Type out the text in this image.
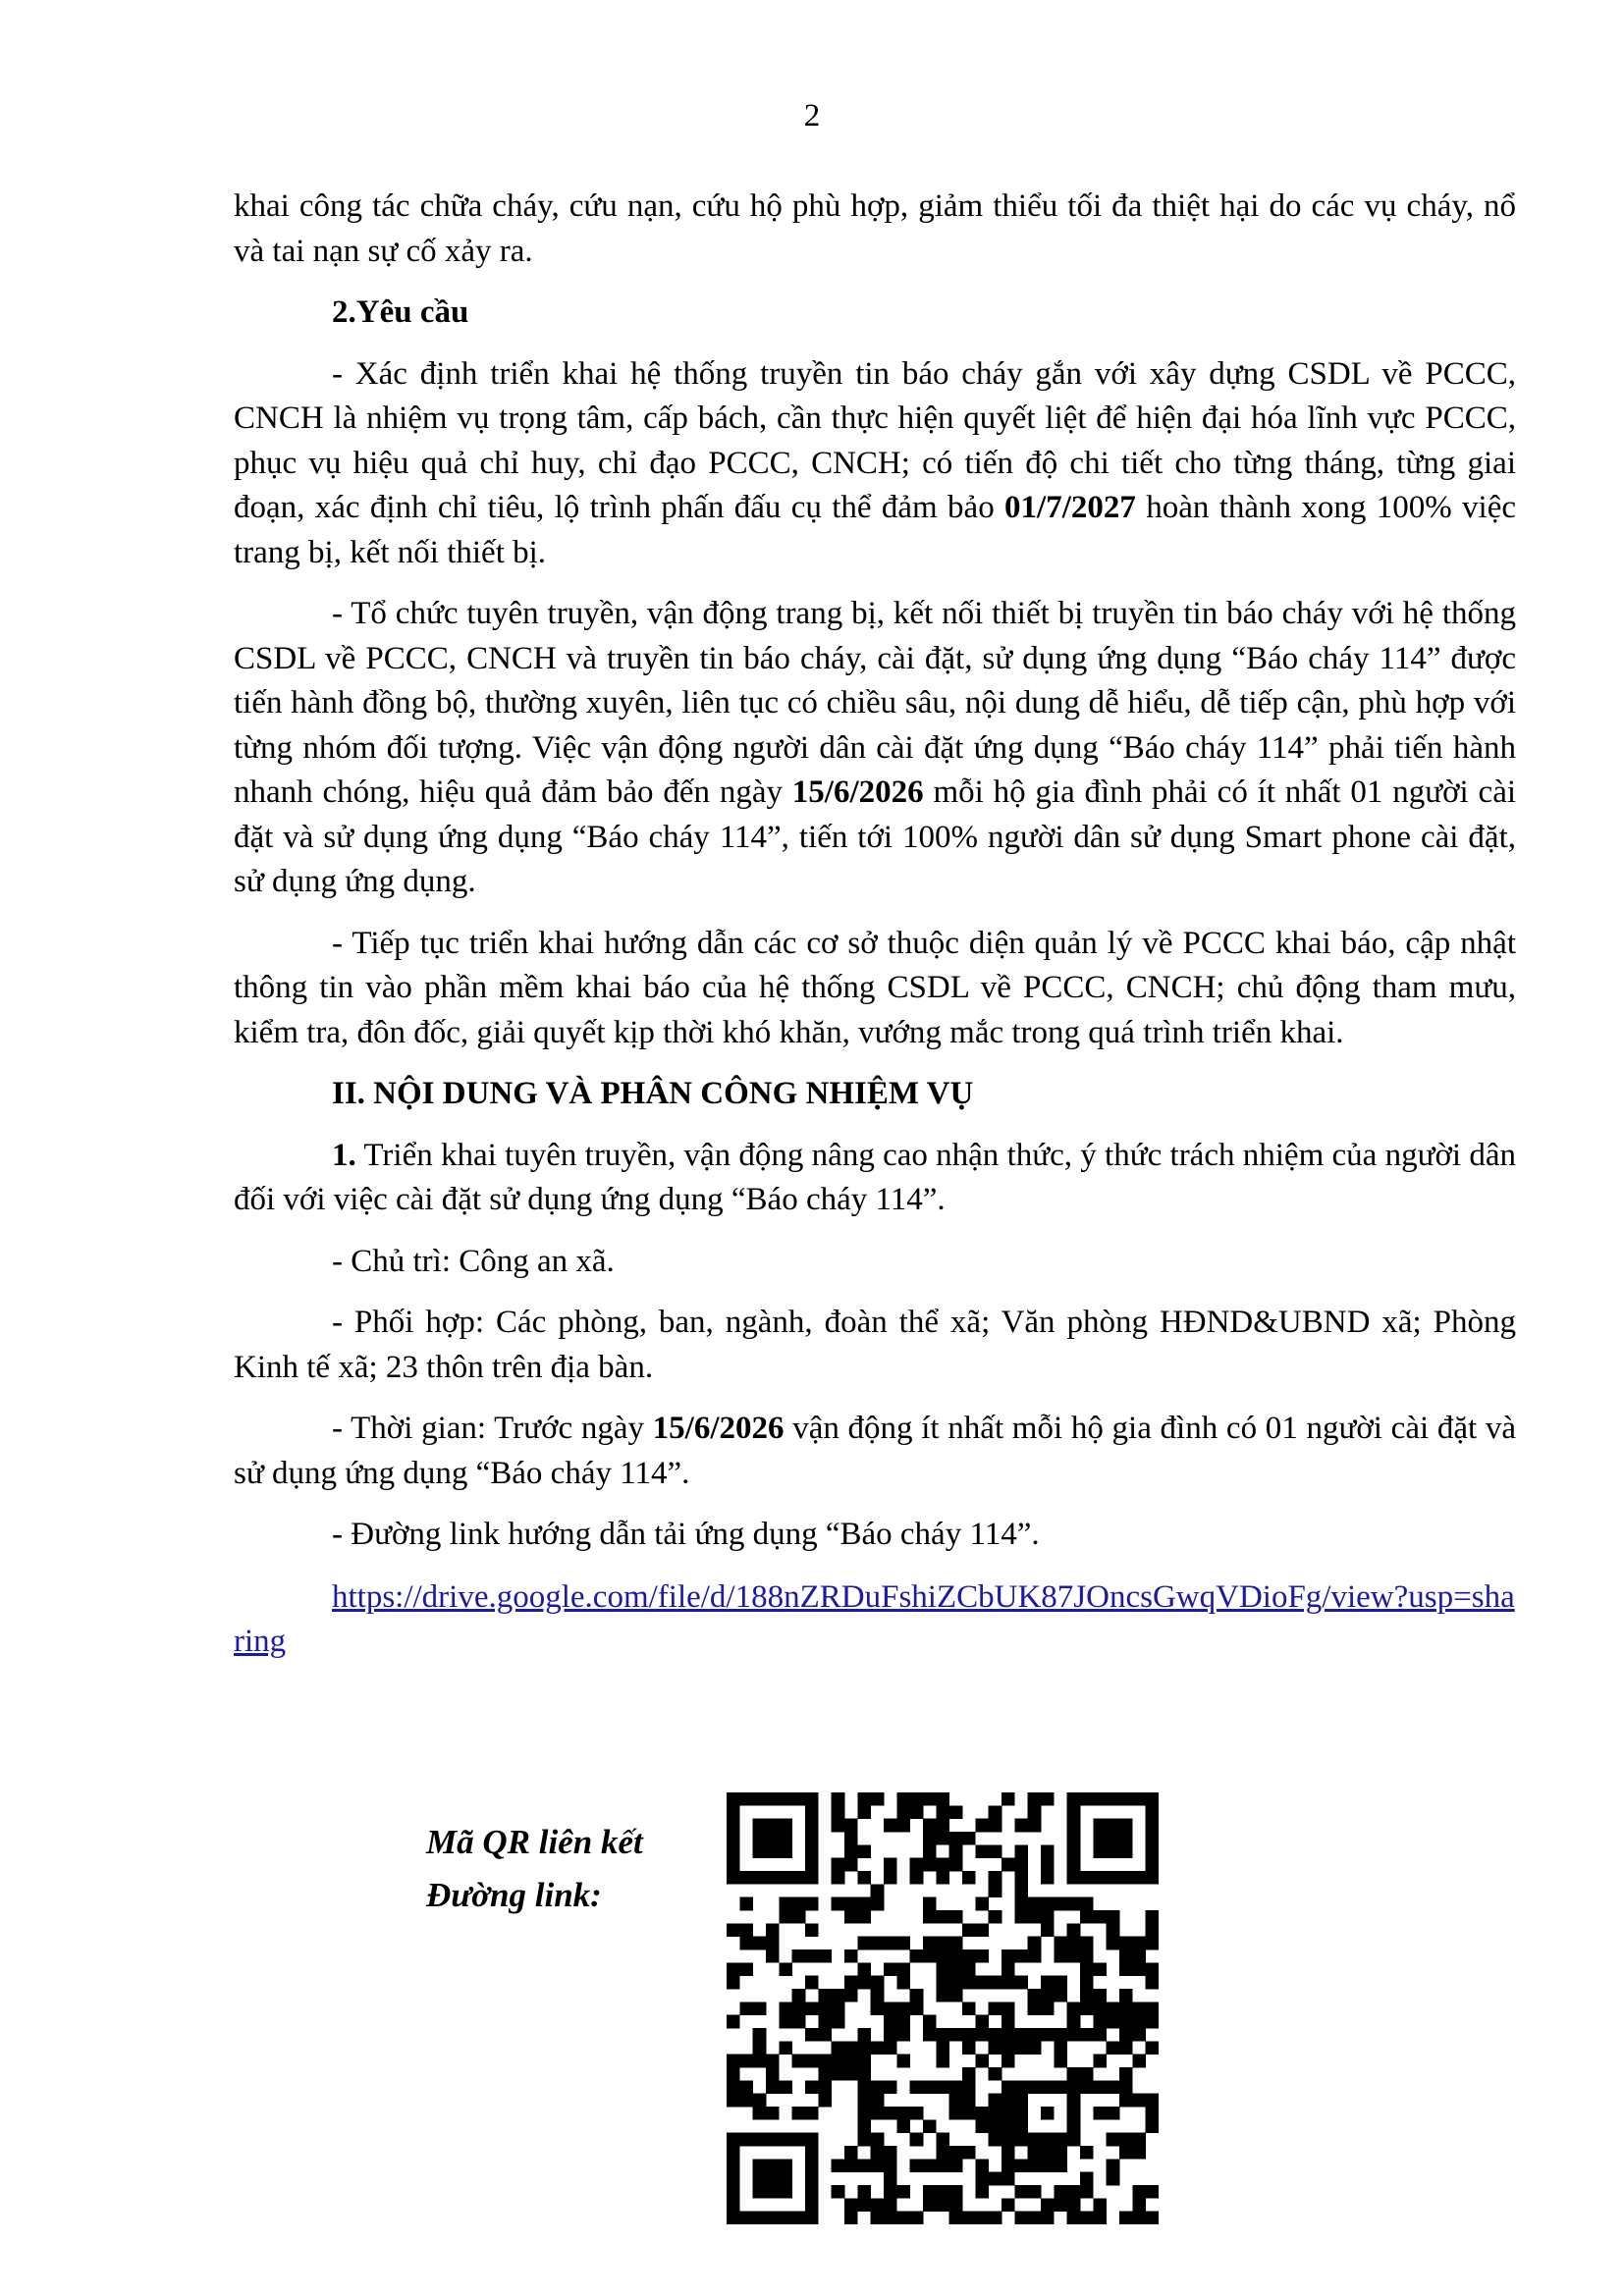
2

khai công tác chữa cháy, cứu nạn, cứu hộ phù hợp, giảm thiểu tối đa thiệt hại do các vụ cháy, nổ và tai nạn sự cố xảy ra.

2.Yêu cầu

- Xác định triển khai hệ thống truyền tin báo cháy gắn với xây dựng CSDL về PCCC, CNCH là nhiệm vụ trọng tâm, cấp bách, cần thực hiện quyết liệt để hiện đại hóa lĩnh vực PCCC, phục vụ hiệu quả chỉ huy, chỉ đạo PCCC, CNCH; có tiến độ chi tiết cho từng tháng, từng giai đoạn, xác định chỉ tiêu, lộ trình phấn đấu cụ thể đảm bảo 01/7/2027 hoàn thành xong 100% việc trang bị, kết nối thiết bị.

- Tổ chức tuyên truyền, vận động trang bị, kết nối thiết bị truyền tin báo cháy với hệ thống CSDL về PCCC, CNCH và truyền tin báo cháy, cài đặt, sử dụng ứng dụng “Báo cháy 114” được tiến hành đồng bộ, thường xuyên, liên tục có chiều sâu, nội dung dễ hiểu, dễ tiếp cận, phù hợp với từng nhóm đối tượng. Việc vận động người dân cài đặt ứng dụng “Báo cháy 114” phải tiến hành nhanh chóng, hiệu quả đảm bảo đến ngày 15/6/2026 mỗi hộ gia đình phải có ít nhất 01 người cài đặt và sử dụng ứng dụng “Báo cháy 114”, tiến tới 100% người dân sử dụng Smart phone cài đặt, sử dụng ứng dụng.

- Tiếp tục triển khai hướng dẫn các cơ sở thuộc diện quản lý về PCCC khai báo, cập nhật thông tin vào phần mềm khai báo của hệ thống CSDL về PCCC, CNCH; chủ động tham mưu, kiểm tra, đôn đốc, giải quyết kịp thời khó khăn, vướng mắc trong quá trình triển khai.

II. NỘI DUNG VÀ PHÂN CÔNG NHIỆM VỤ

1. Triển khai tuyên truyền, vận động nâng cao nhận thức, ý thức trách nhiệm của người dân đối với việc cài đặt sử dụng ứng dụng “Báo cháy 114”.

- Chủ trì: Công an xã.

- Phối hợp: Các phòng, ban, ngành, đoàn thể xã; Văn phòng HĐND&UBND xã; Phòng Kinh tế xã; 23 thôn trên địa bàn.

- Thời gian: Trước ngày 15/6/2026 vận động ít nhất mỗi hộ gia đình có 01 người cài đặt và sử dụng ứng dụng “Báo cháy 114”.

- Đường link hướng dẫn tải ứng dụng “Báo cháy 114”.

https://drive.google.com/file/d/188nZRDuFshiZCbUK87JOncsGwqVDioFg/view?usp=sharing

Mã QR liên kết
Đường link:
